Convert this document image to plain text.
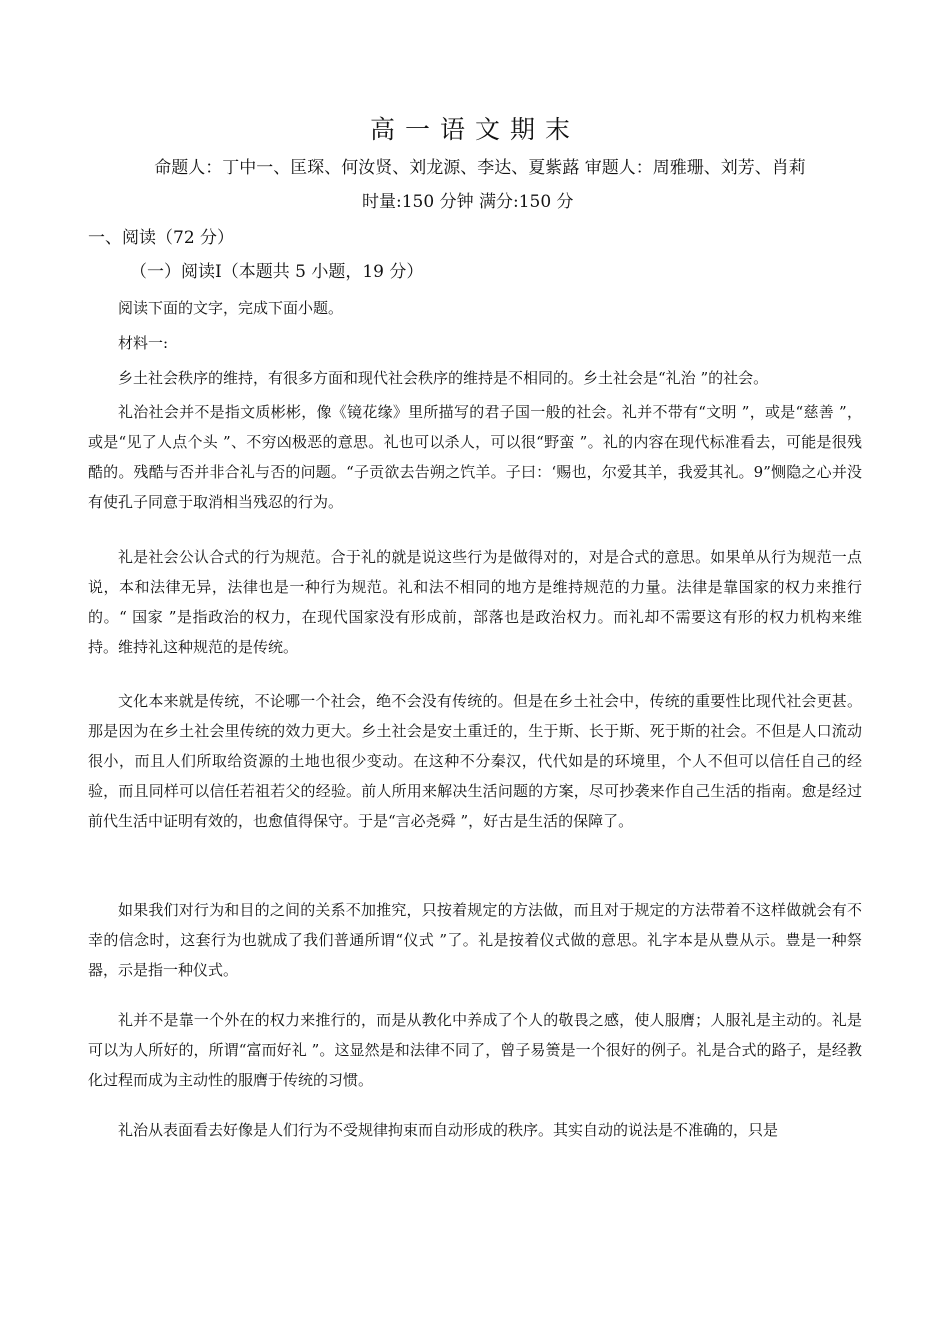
高一语文期末
命题人：丁中一、匡琛、何汝贤、刘龙源、李达、夏紫蕗 审题人：周雅珊、刘芳、肖莉
时量:150 分钟 满分:150 分
一、阅读（72 分）
（一）阅读Ⅰ（本题共 5 小题，19 分）
阅读下面的文字，完成下面小题。
材料一:

乡土社会秩序的维持，有很多方面和现代社会秩序的维持是不相同的。乡土社会是“礼治 ”的社会。

礼治社会并不是指文质彬彬，像《镜花缘》里所描写的君子国一般的社会。礼并不带有“文明 ”，或是“慈善 ”，或是“见了人点个头 ”、不穷凶极恶的意思。礼也可以杀人，可以很“野蛮 ”。礼的内容在现代标准看去，可能是很残酷的。残酷与否并非合礼与否的问题。“子贡欲去告朔之饩羊。子曰：‘赐也，尔爱其羊，我爱其礼。9”恻隐之心并没有使孔子同意于取消相当残忍的行为。

礼是社会公认合式的行为规范。合于礼的就是说这些行为是做得对的，对是合式的意思。如果单从行为规范一点说，本和法律无异，法律也是一种行为规范。礼和法不相同的地方是维持规范的力量。法律是靠国家的权力来推行的。“ 国家 ”是指政治的权力，在现代国家没有形成前，部落也是政治权力。而礼却不需要这有形的权力机构来维持。维持礼这种规范的是传统。

文化本来就是传统，不论哪一个社会，绝不会没有传统的。但是在乡土社会中，传统的重要性比现代社会更甚。那是因为在乡土社会里传统的效力更大。乡土社会是安土重迁的，生于斯、长于斯、死于斯的社会。不但是人口流动很小，而且人们所取给资源的土地也很少变动。在这种不分秦汉，代代如是的环境里，个人不但可以信任自己的经验，而且同样可以信任若祖若父的经验。前人所用来解决生活问题的方案，尽可抄袭来作自己生活的指南。愈是经过前代生活中证明有效的，也愈值得保守。于是“言必尧舜 ”，好古是生活的保障了。

如果我们对行为和目的之间的关系不加推究，只按着规定的方法做，而且对于规定的方法带着不这样做就会有不幸的信念时，这套行为也就成了我们普通所谓“仪式 ”了。礼是按着仪式做的意思。礼字本是从豊从示。豊是一种祭器，示是指一种仪式。

礼并不是靠一个外在的权力来推行的，而是从教化中养成了个人的敬畏之感，使人服膺；人服礼是主动的。礼是可以为人所好的，所谓“富而好礼 ”。这显然是和法律不同了，曾子易箦是一个很好的例子。礼是合式的路子，是经教化过程而成为主动性的服膺于传统的习惯。

礼治从表面看去好像是人们行为不受规律拘束而自动形成的秩序。其实自动的说法是不准确的，只是
